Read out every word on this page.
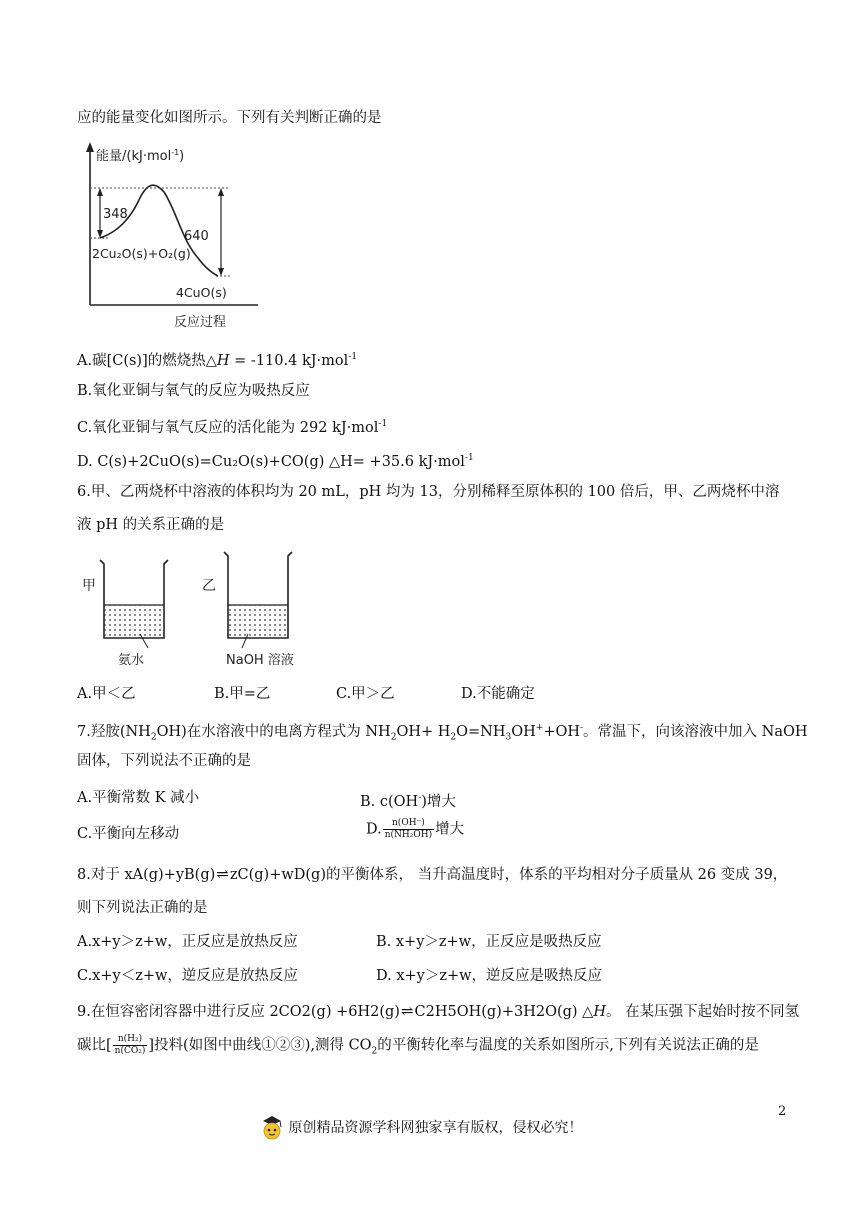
应的能量变化如图所示。下列有关判断正确的是
能量/(kJ·mol$^{-1}$)
348
640
2Cu₂O(s)+O₂(g)
4CuO(s)
反应过程
A.碳[C(s)]的燃烧热△H = -110.4 kJ·mol$^{-1}$
B.氧化亚铜与氧气的反应为吸热反应
C.氧化亚铜与氧气反应的活化能为 292 kJ·mol$^{-1}$
D. C(s)+2CuO(s)=Cu₂O(s)+CO(g) △H= +35.6 kJ·mol$^{-1}$
6.甲、乙两烧杯中溶液的体积均为 20 mL，pH 均为 13，分别稀释至原体积的 100 倍后，甲、乙两烧杯中溶
液 pH 的关系正确的是
甲
氨水
乙
NaOH 溶液
A.甲＜乙	B.甲=乙	C.甲＞乙	D.不能确定
7.羟胺$(NH_2OH)$在水溶液中的电离方程式为 $NH_2OH+ H_2O=NH_3OH^++OH^-$。常温下，向该溶液中加入 NaOH
固体，下列说法不正确的是
A.平衡常数 K 减小	B. c(OH-)增大
C.平衡向左移动	D. $\frac{n(OH^-)}{\text{n(NH₂OH)}}$ 增大
8.对于 xA(g)+yB(g)⇌zC(g)+wD(g)的平衡体系， 当升高温度时，体系的平均相对分子质量从 26 变成 39，
则下列说法正确的是
A.x+y＞z+w，正反应是放热反应	B. x+y＞z+w，正反应是吸热反应
C.x+y＜z+w，逆反应是放热反应	D. x+y＞z+w，逆反应是吸热反应
9.在恒容密闭容器中进行反应 2CO2(g) +6H2(g)⇌C2H5OH(g)+3H2O(g) △H。 在某压强下起始时按不同氢
碳比[ $\frac{\text{n(H₂)}}{\text{n(CO₂)}}$ ]投料(如图中曲线①②③),测得 $CO_2$的平衡转化率与温度的关系如图所示,下列有关说法正确的是
2
原创精品资源学科网独家享有版权，侵权必究！
